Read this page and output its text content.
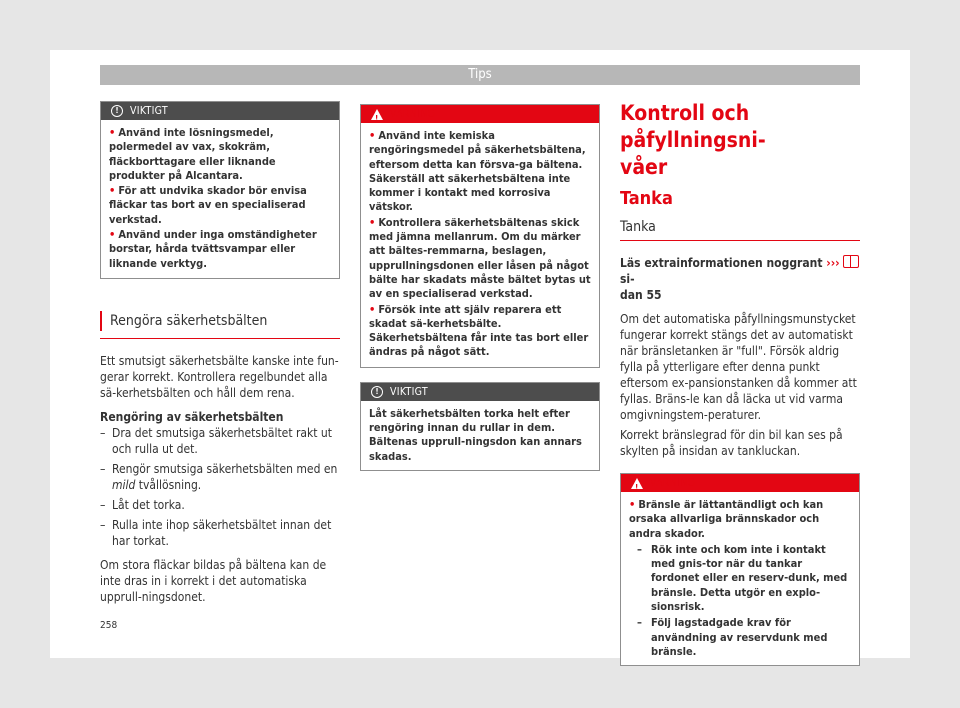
Tips
!	VIKTIGT
• Använd inte lösningsmedel, polermedel av vax, skokräm, fläckborttagare eller liknande produkter på Alcantara.
• För att undvika skador bör envisa fläckar tas bort av en specialiserad verkstad.
• Använd under inga omständigheter borstar, hårda tvättsvampar eller liknande verktyg.
Rengöra säkerhetsbälten

Ett smutsigt säkerhetsbälte kanske inte fun-gerar korrekt. Kontrollera regelbundet alla sä-kerhetsbälten och håll dem rena.

Rengöring av säkerhetsbälten

– Dra det smutsiga säkerhetsbältet rakt ut och rulla ut det.
– Rengör smutsiga säkerhetsbälten med en mild tvållösning.
– Låt det torka.
– Rulla inte ihop säkerhetsbältet innan det har torkat.

Om stora fläckar bildas på bältena kan de inte dras in i korrekt i det automatiska upprull-ningsdonet.

! VARNING
• Använd inte kemiska rengöringsmedel på säkerhetsbältena, eftersom detta kan försva-ga bältena. Säkerställ att säkerhetsbältena inte kommer i kontakt med korrosiva vätskor.
• Kontrollera säkerhetsbältenas skick med jämna mellanrum. Om du märker att bältes-remmarna, beslagen, upprullningsdonen eller låsen på något bälte har skadats måste bältet bytas ut av en specialiserad verkstad.
• Försök inte att själv reparera ett skadat sä-kerhetsbälte. Säkerhetsbältena får inte tas bort eller ändras på något sätt.
!	VIKTIGT

Låt säkerhetsbälten torka helt efter rengöring innan du rullar in dem. Bältenas upprull-ningsdon kan annars skadas.

Kontroll och påfyllningsni-
våer
Tanka
Tanka

Läs extrainformationen noggrant ›››  si-
dan 55

Om det automatiska påfyllningsmunstycket fungerar korrekt stängs det av automatiskt när bränsletanken är "full". Försök aldrig fylla på ytterligare efter denna punkt eftersom ex-pansionstanken då kommer att fyllas. Bräns-le kan då läcka ut vid varma omgivningstem-peraturer.

Korrekt bränslegrad för din bil kan ses på skylten på insidan av tankluckan.

! VARNING
• Bränsle är lättantändligt och kan orsaka allvarliga brännskador och andra skador.
– Rök inte och kom inte i kontakt med gnis-tor när du tankar fordonet eller en reserv-dunk, med bränsle. Detta utgör en explo-sionsrisk.
– Följ lagstadgade krav för användning av reservdunk med bränsle.
258
